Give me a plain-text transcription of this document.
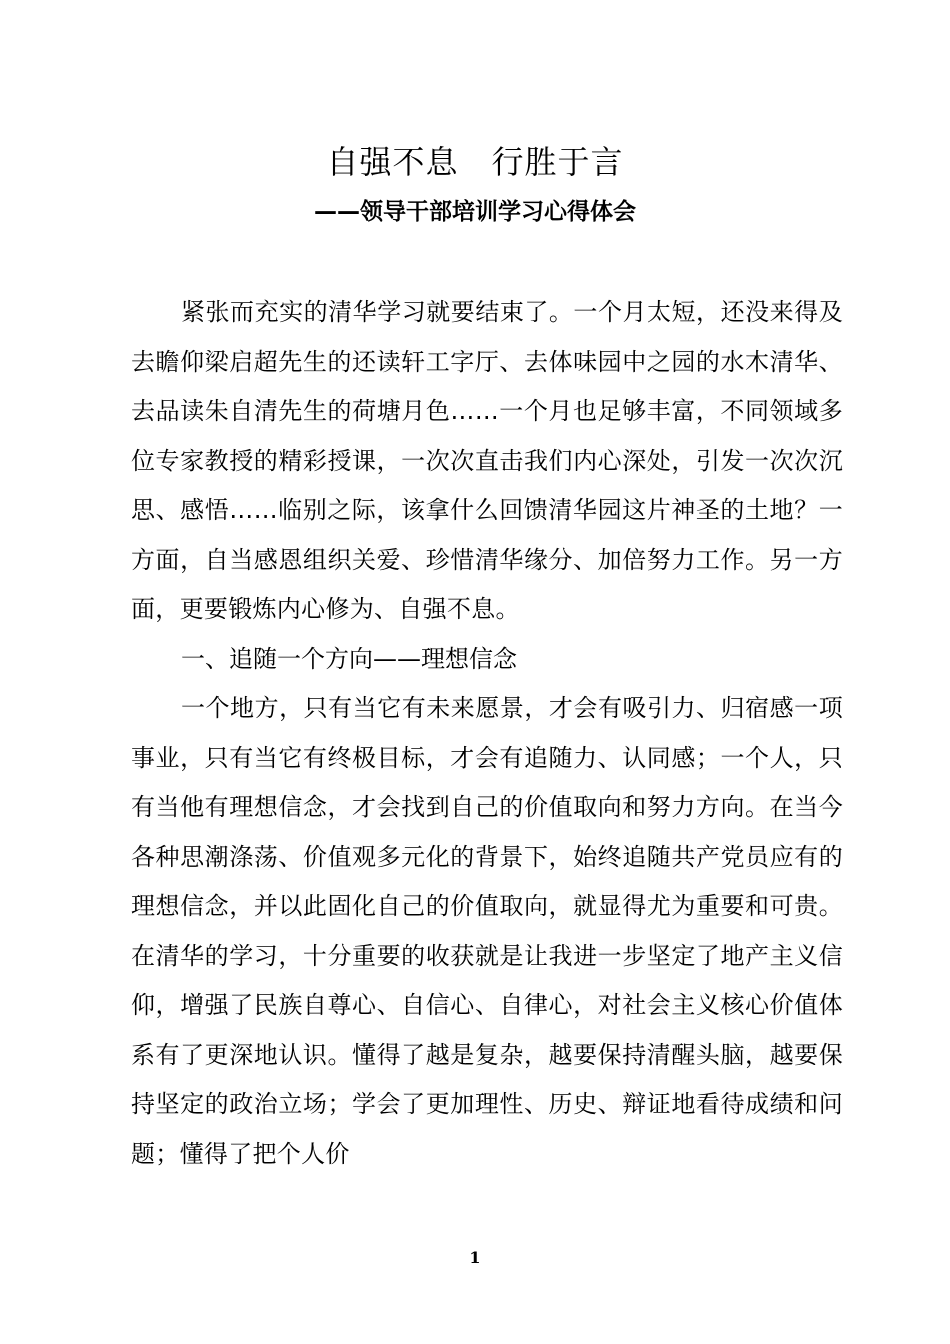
自强不息　行胜于言
——领导干部培训学习心得体会

紧张而充实的清华学习就要结束了。一个月太短，还没来得及去瞻仰梁启超先生的还读轩工字厅、去体味园中之园的水木清华、去品读朱自清先生的荷塘月色……一个月也足够丰富，不同领域多位专家教授的精彩授课，一次次直击我们内心深处，引发一次次沉思、感悟……临别之际，该拿什么回馈清华园这片神圣的土地？一方面，自当感恩组织关爱、珍惜清华缘分、加倍努力工作。另一方面，更要锻炼内心修为、自强不息。

一、追随一个方向——理想信念

一个地方，只有当它有未来愿景，才会有吸引力、归宿感一项事业，只有当它有终极目标，才会有追随力、认同感；一个人，只有当他有理想信念，才会找到自己的价值取向和努力方向。在当今各种思潮涤荡、价值观多元化的背景下，始终追随共产党员应有的理想信念，并以此固化自己的价值取向，就显得尤为重要和可贵。在清华的学习，十分重要的收获就是让我进一步坚定了地产主义信仰，增强了民族自尊心、自信心、自律心，对社会主义核心价值体系有了更深地认识。懂得了越是复杂，越要保持清醒头脑，越要保持坚定的政治立场；学会了更加理性、历史、辩证地看待成绩和问题；懂得了把个人价

1
